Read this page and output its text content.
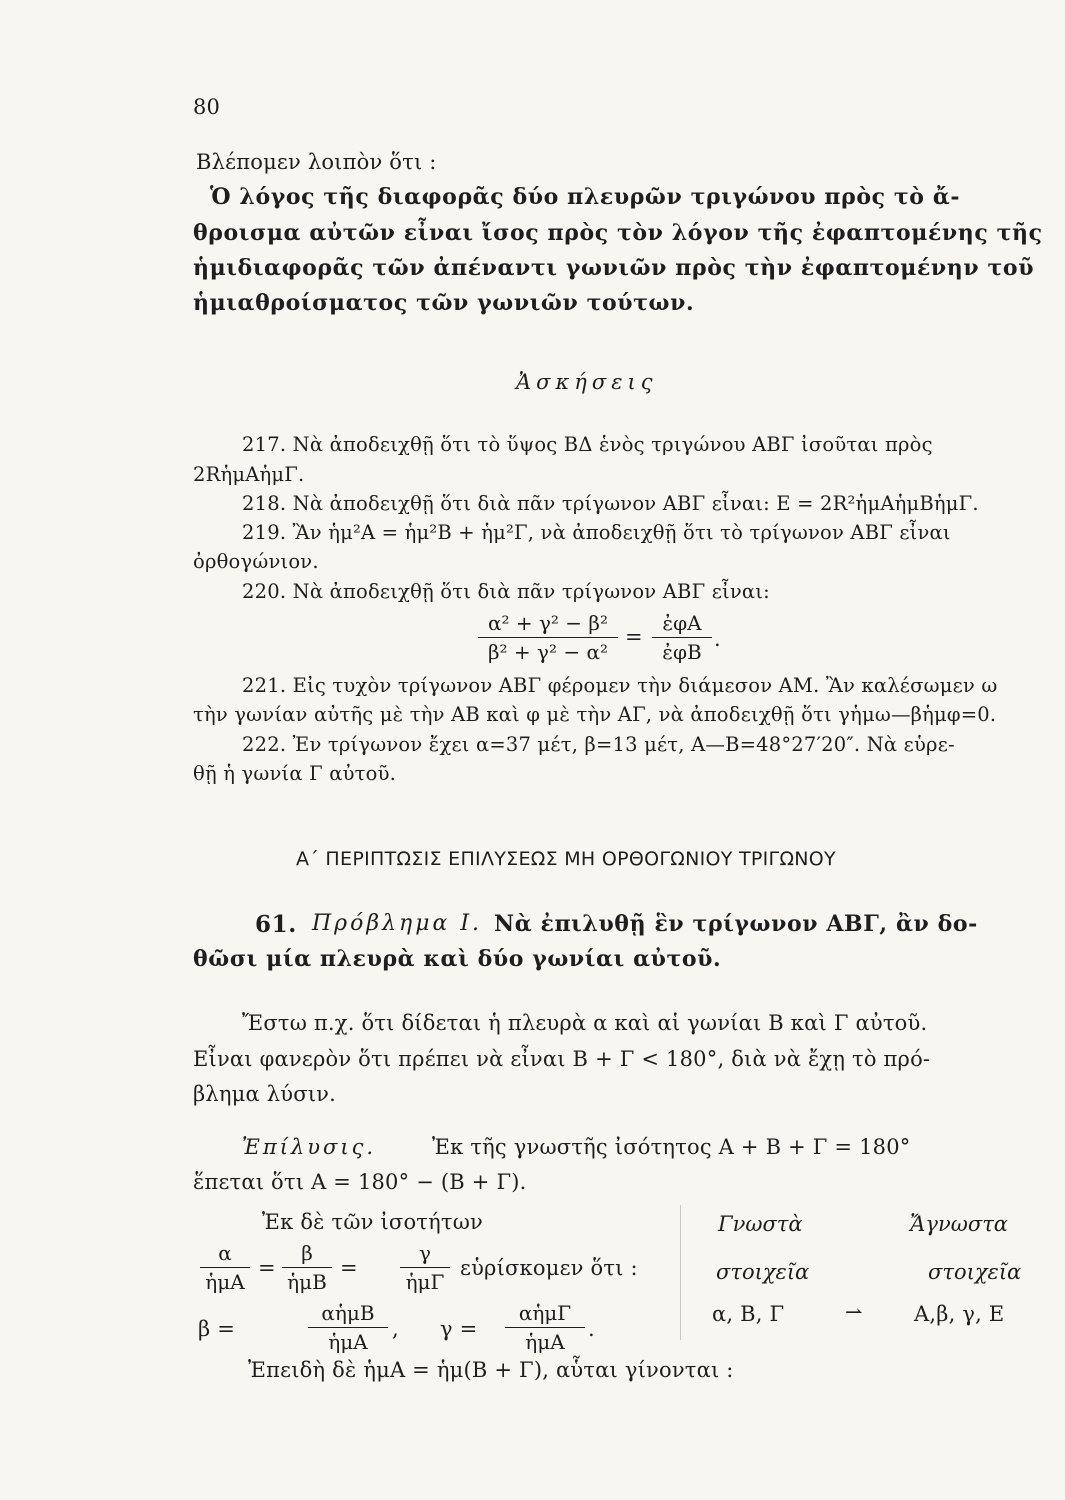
80
Βλέπομεν λοιπὸν ὅτι :
Ὁ λόγος τῆς διαφορᾶς δύο πλευρῶν τριγώνου πρὸς τὸ ἄ-
θροισμα αὐτῶν εἶναι ἴσος πρὸς τὸν λόγον τῆς ἐφαπτομένης τῆς
ἡμιδιαφορᾶς τῶν ἀπέναντι γωνιῶν πρὸς τὴν ἐφαπτομένην τοῦ
ἡμιαθροίσματος τῶν γωνιῶν τούτων.
Ἀσκήσεις
217. Νὰ ἀποδειχθῇ ὅτι τὸ ὕψος ΒΔ ἑνὸς τριγώνου ΑΒΓ ἰσοῦται πρὸς
2RἡμΑἡμΓ.
218. Νὰ ἀποδειχθῇ ὅτι διὰ πᾶν τρίγωνον ΑΒΓ εἶναι: Ε = 2R²ἡμΑἡμΒἡμΓ.
219. Ἂν ἡμ²Α = ἡμ²Β + ἡμ²Γ, νὰ ἀποδειχθῇ ὅτι τὸ τρίγωνον ΑΒΓ εἶναι
ὀρθογώνιον.
220. Νὰ ἀποδειχθῇ ὅτι διὰ πᾶν τρίγωνον ΑΒΓ εἶναι:
α² + γ² − β²
β² + γ² − α²
=
ἐφΑ
ἐφΒ
.
221. Εἰς τυχὸν τρίγωνον ΑΒΓ φέρομεν τὴν διάμεσον ΑΜ. Ἂν καλέσωμεν ω
τὴν γωνίαν αὐτῆς μὲ τὴν ΑΒ καὶ φ μὲ τὴν ΑΓ, νὰ ἀποδειχθῇ ὅτι γἡμω—βἡμφ=0.
222. Ἐν τρίγωνον ἔχει α=37 μέτ, β=13 μέτ, Α—Β=48°27′20″. Νὰ εὑρε-
θῇ ἡ γωνία Γ αὐτοῦ.
Α΄ ΠΕΡΙΠΤΩΣΙΣ ΕΠΙΛΥΣΕΩΣ ΜΗ ΟΡΘΟΓΩΝΙΟΥ ΤΡΙΓΩΝΟΥ
61. Πρόβλημα I. Νὰ ἐπιλυθῇ ἓν τρίγωνον ΑΒΓ, ἂν δο-
θῶσι μία πλευρὰ καὶ δύο γωνίαι αὐτοῦ.
Ἔστω π.χ. ὅτι δίδεται ἡ πλευρὰ α καὶ αἱ γωνίαι Β καὶ Γ αὐτοῦ.
Εἶναι φανερὸν ὅτι πρέπει νὰ εἶναι Β + Γ < 180°, διὰ νὰ ἔχῃ τὸ πρό-
βλημα λύσιν.
Ἐπίλυσις.	Ἐκ τῆς γνωστῆς ἰσότητος Α + Β + Γ = 180°
ἕπεται ὅτι Α = 180° − (Β + Γ).
Ἐκ δὲ τῶν ἰσοτήτων
α
ἡμΑ
=
β
ἡμΒ
=
γ
ἡμΓ
εὑρίσκομεν ὅτι :
β =
αἡμΒ
ἡμΑ
, γ =
αἡμΓ
ἡμΑ
.
Γνωστὰ
στοιχεῖα
Ἄγνωστα
στοιχεῖα
α, Β, Γ	⇀ Α,β, γ, Ε
Ἐπειδὴ δὲ ἡμΑ = ἡμ(Β + Γ), αὗται γίνονται :
